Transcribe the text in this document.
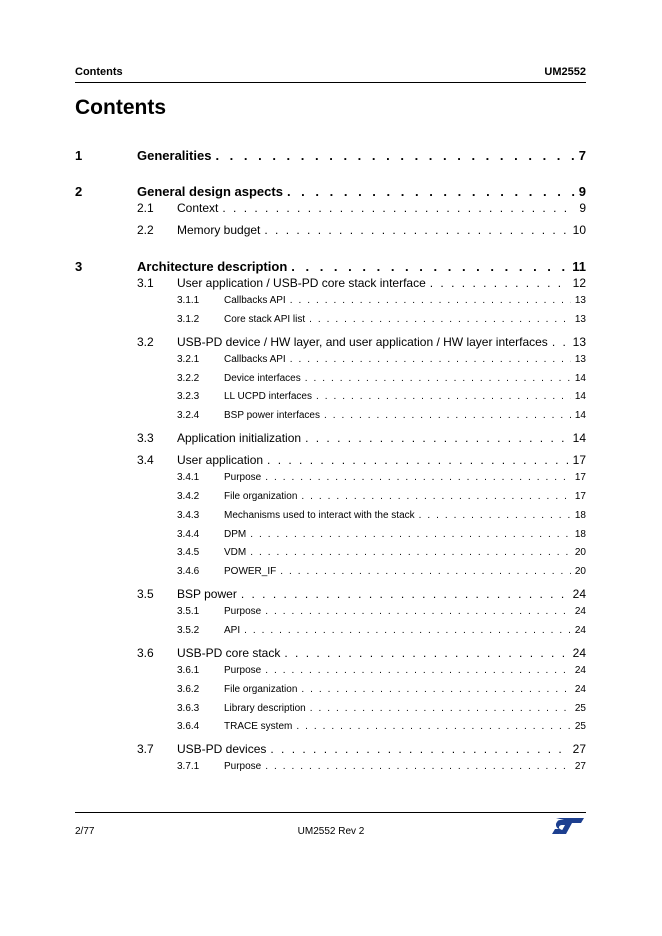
Contents	UM2552
Contents
1	Generalities . . .	7
2	General design aspects . . .	9
2.1 Context . . .	9
2.2 Memory budget . . .	10
3	Architecture description . . .	11
3.1 User application / USB-PD core stack interface . . .	12
3.1.1 Callbacks API . . .	13
3.1.2 Core stack API list . . .	13
3.2 USB-PD device / HW layer, and user application / HW layer interfaces . . .	13
3.2.1 Callbacks API . . .	13
3.2.2 Device interfaces . . .	14
3.2.3 LL UCPD interfaces . . .	14
3.2.4 BSP power interfaces . . .	14
3.3 Application initialization . . .	14
3.4 User application . . .	17
3.4.1 Purpose . . .	17
3.4.2 File organization . . .	17
3.4.3 Mechanisms used to interact with the stack . . .	18
3.4.4 DPM . . .	18
3.4.5 VDM . . .	20
3.4.6 POWER_IF . . .	20
3.5 BSP power . . .	24
3.5.1 Purpose . . .	24
3.5.2 API . . .	24
3.6 USB-PD core stack . . .	24
3.6.1 Purpose . . .	24
3.6.2 File organization . . .	24
3.6.3 Library description . . .	25
3.6.4 TRACE system . . .	25
3.7 USB-PD devices . . .	27
3.7.1 Purpose . . .	27
2/77	UM2552 Rev 2
